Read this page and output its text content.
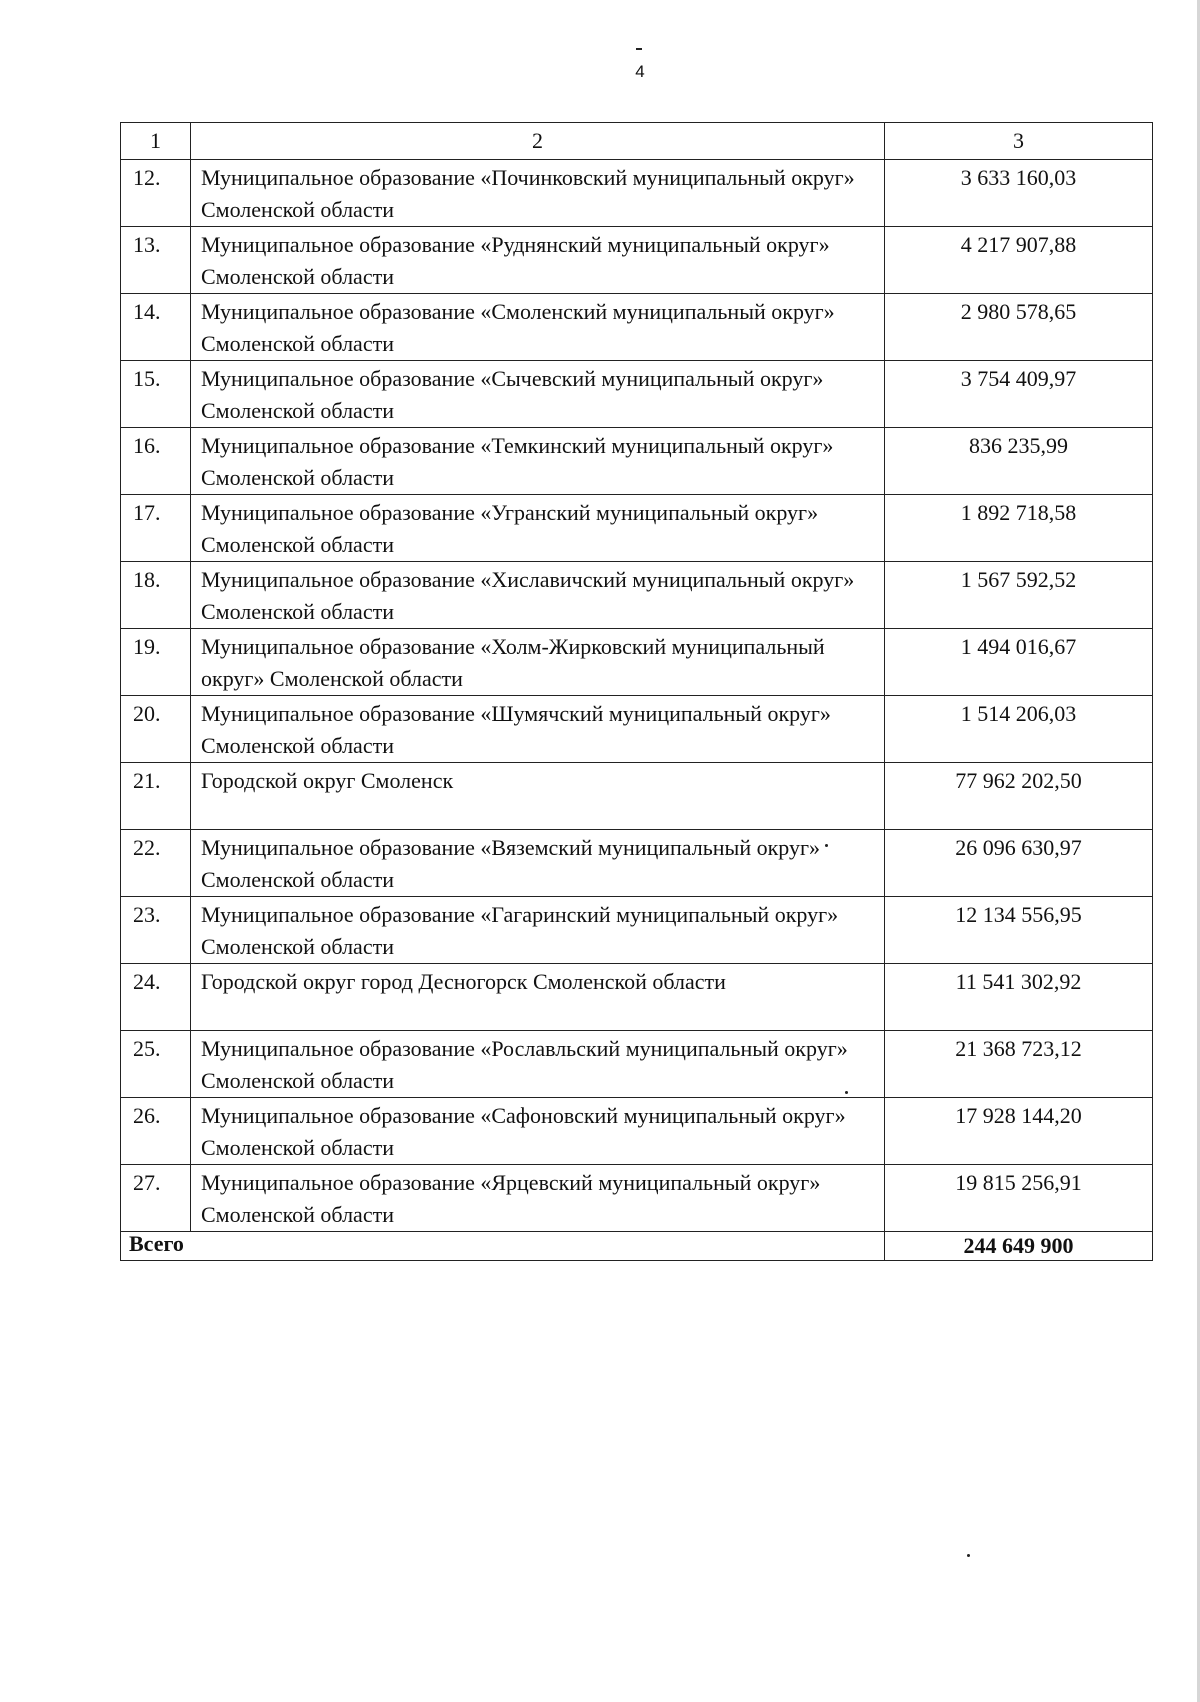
4
1	2	3
12.	Муниципальное образование «Починковский муниципальный округ» Смоленской области	3 633 160,03
13.	Муниципальное образование «Руднянский муниципальный округ» Смоленской области	4 217 907,88
14.	Муниципальное образование «Смоленский муниципальный округ» Смоленской области	2 980 578,65
15.	Муниципальное образование «Сычевский муниципальный округ» Смоленской области	3 754 409,97
16.	Муниципальное образование «Темкинский муниципальный округ» Смоленской области	836 235,99
17.	Муниципальное образование «Угранский муниципальный округ» Смоленской области	1 892 718,58
18.	Муниципальное образование «Хиславичский муниципальный округ» Смоленской области	1 567 592,52
19.	Муниципальное образование «Холм-Жирковский муниципальный округ» Смоленской области	1 494 016,67
20.	Муниципальное образование «Шумячский муниципальный округ» Смоленской области	1 514 206,03
21.	Городской округ Смоленск	77 962 202,50
22.	Муниципальное образование «Вяземский муниципальный округ» Смоленской области	26 096 630,97
23.	Муниципальное образование «Гагаринский муниципальный округ» Смоленской области	12 134 556,95
24.	Городской округ город Десногорск Смоленской области	11 541 302,92
25.	Муниципальное образование «Рославльский муниципальный округ» Смоленской области	21 368 723,12
26.	Муниципальное образование «Сафоновский муниципальный округ» Смоленской области	17 928 144,20
27.	Муниципальное образование «Ярцевский муниципальный округ» Смоленской области	19 815 256,91
Всего		244 649 900
